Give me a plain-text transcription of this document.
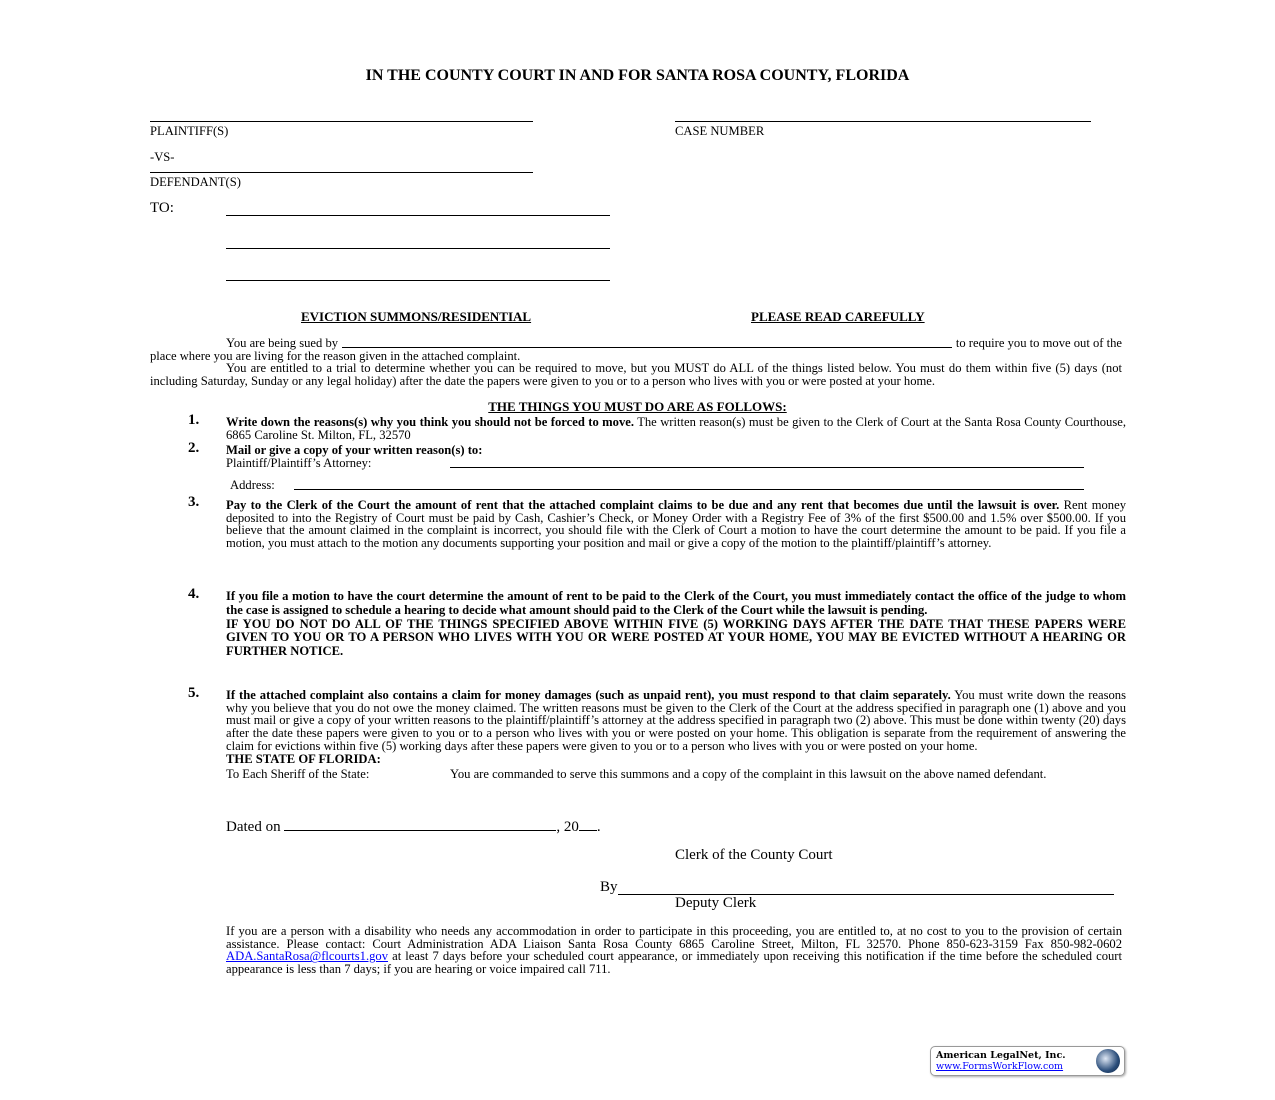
IN THE COUNTY COURT IN AND FOR SANTA ROSA COUNTY, FLORIDA
PLAINTIFF(S)	CASE NUMBER
-VS-
DEFENDANT(S)
TO:
EVICTION SUMMONS/RESIDENTIAL	PLEASE READ CAREFULLY
You are being sued by	to require you to move out of the
place where you are living for the reason given in the attached complaint.
You are entitled to a trial to determine whether you can be required to move, but you MUST do ALL of the things listed below. You must do them within five (5) days (not including Saturday, Sunday or any legal holiday) after the date the papers were given to you or to a person who lives with you or were posted at your home.
THE THINGS YOU MUST DO ARE AS FOLLOWS:
1. Write down the reasons(s) why you think you should not be forced to move. The written reason(s) must be given to the Clerk of Court at the Santa Rosa County Courthouse, 6865 Caroline St. Milton, FL, 32570
2. Mail or give a copy of your written reason(s) to:
Plaintiff/Plaintiff’s Attorney:
Address:
3. Pay to the Clerk of the Court the amount of rent that the attached complaint claims to be due and any rent that becomes due until the lawsuit is over. Rent money deposited to into the Registry of Court must be paid by Cash, Cashier’s Check, or Money Order with a Registry Fee of 3% of the first $500.00 and 1.5% over $500.00. If you believe that the amount claimed in the complaint is incorrect, you should file with the Clerk of Court a motion to have the court determine the amount to be paid. If you file a motion, you must attach to the motion any documents supporting your position and mail or give a copy of the motion to the plaintiff/plaintiff’s attorney.
4. If you file a motion to have the court determine the amount of rent to be paid to the Clerk of the Court, you must immediately contact the office of the judge to whom the case is assigned to schedule a hearing to decide what amount should paid to the Clerk of the Court while the lawsuit is pending.
IF YOU DO NOT DO ALL OF THE THINGS SPECIFIED ABOVE WITHIN FIVE (5) WORKING DAYS AFTER THE DATE THAT THESE PAPERS WERE GIVEN TO YOU OR TO A PERSON WHO LIVES WITH YOU OR WERE POSTED AT YOUR HOME, YOU MAY BE EVICTED WITHOUT A HEARING OR FURTHER NOTICE.
5. If the attached complaint also contains a claim for money damages (such as unpaid rent), you must respond to that claim separately. You must write down the reasons why you believe that you do not owe the money claimed. The written reasons must be given to the Clerk of the Court at the address specified in paragraph one (1) above and you must mail or give a copy of your written reasons to the plaintiff/plaintiff’s attorney at the address specified in paragraph two (2) above. This must be done within twenty (20) days after the date these papers were given to you or to a person who lives with you or were posted on your home. This obligation is separate from the requirement of answering the claim for evictions within five (5) working days after these papers were given to you or to a person who lives with you or were posted on your home.
THE STATE OF FLORIDA:
To Each Sheriff of the State:	You are commanded to serve this summons and a copy of the complaint in this lawsuit on the above named defendant.
Dated on	, 20 .
Clerk of the County Court
By
Deputy Clerk
If you are a person with a disability who needs any accommodation in order to participate in this proceeding, you are entitled to, at no cost to you to the provision of certain assistance. Please contact: Court Administration ADA Liaison Santa Rosa County 6865 Caroline Street, Milton, FL 32570. Phone 850-623-3159 Fax 850-982-0602 ADA.SantaRosa@flcourts1.gov at least 7 days before your scheduled court appearance, or immediately upon receiving this notification if the time before the scheduled court appearance is less than 7 days; if you are hearing or voice impaired call 711.
American LegalNet, Inc.
www.FormsWorkFlow.com
